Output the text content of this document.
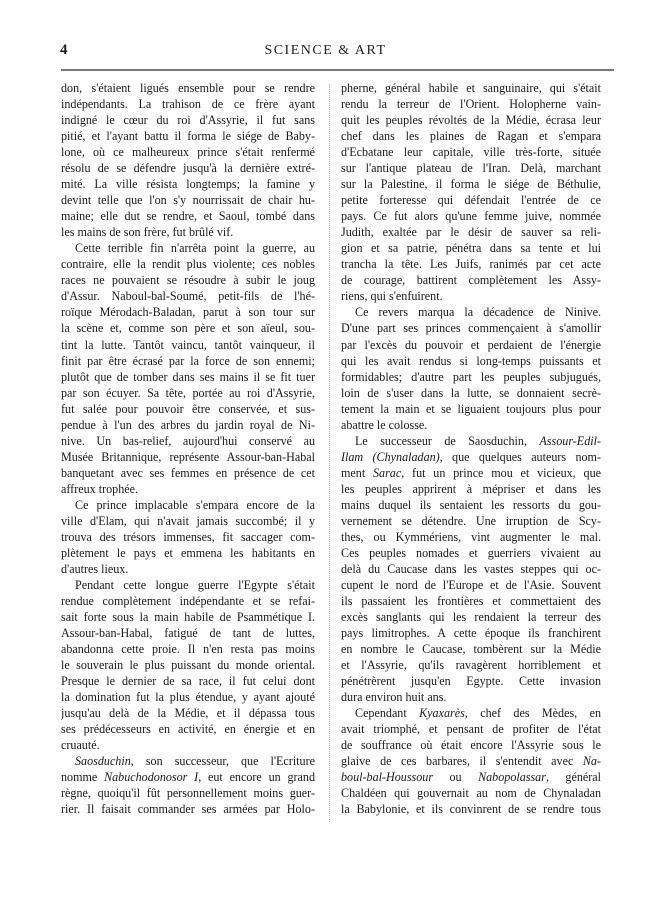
4	SCIENCE & ART
don, s'étaient ligués ensemble pour se rendre
indépendants. La trahison de ce frère ayant
indigné le cœur du roi d'Assyrie, il fut sans
pitié, et l'ayant battu il forma le siége de Baby-
lone, où ce malheureux prince s'était renfermé
résolu de se défendre jusqu'à la dernière extré-
mité. La ville résista longtemps; la famine y
devint telle que l'on s'y nourrissait de chair hu-
maine; elle dut se rendre, et Saoul, tombé dans
les mains de son frère, fut brûlé vif.
Cette terrible fin n'arrêta point la guerre, au
contraire, elle la rendit plus violente; ces nobles
races ne pouvaient se résoudre à subir le joug
d'Assur. Naboul-bal-Soumé, petit-fils de l'hé-
roïque Mérodach-Baladan, parut à son tour sur
la scène et, comme son père et son aïeul, sou-
tint la lutte. Tantôt vaincu, tantôt vainqueur, il
finit par être écrasé par la force de son ennemi;
plutôt que de tomber dans ses mains il se fit tuer
par son écuyer. Sa tête, portée au roi d'Assyrie,
fut salée pour pouvoir être conservée, et sus-
pendue à l'un des arbres du jardin royal de Ni-
nive. Un bas-relief, aujourd'hui conservé au
Musée Britannique, représente Assour-ban-Habal
banquetant avec ses femmes en présence de cet
affreux trophée.
Ce prince implacable s'empara encore de la
ville d'Elam, qui n'avait jamais succombé; il y
trouva des trésors immenses, fit saccager com-
plètement le pays et emmena les habitants en
d'autres lieux.
Pendant cette longue guerre l'Egypte s'était
rendue complètement indépendante et se refai-
sait forte sous la main habile de Psammétique I.
Assour-ban-Habal, fatigué de tant de luttes,
abandonna cette proie. Il n'en resta pas moins
le souverain le plus puissant du monde oriental.
Presque le dernier de sa race, il fut celui dont
la domination fut la plus étendue, y ayant ajouté
jusqu'au delà de la Médie, et il dépassa tous
ses prédécesseurs en activité, en énergie et en
cruauté.
Saosduchin, son successeur, que l'Ecriture
nomme Nabuchodonosor I, eut encore un grand
règne, quoiqu'il fût personnellement moins guer-
rier. Il faisait commander ses armées par Holo-
pherne, général habile et sanguinaire, qui s'était
rendu la terreur de l'Orient. Holopherne vain-
quit les peuples révoltés de la Médie, écrasa leur
chef dans les plaines de Ragan et s'empara
d'Ecbatane leur capitale, ville très-forte, située
sur l'antique plateau de l'Iran. Delà, marchant
sur la Palestine, il forma le siége de Béthulie,
petite forteresse qui défendait l'entrée de ce
pays. Ce fut alors qu'une femme juive, nommée
Judith, exaltée par le désir de sauver sa reli-
gion et sa patrie, pénétra dans sa tente et lui
trancha la tête. Les Juifs, ranimés par cet acte
de courage, battirent complètement les Assy-
riens, qui s'enfuirent.
Ce revers marqua la décadence de Ninive.
D'une part ses princes commençaient à s'amollir
par l'excès du pouvoir et perdaient de l'énergie
qui les avait rendus si long-temps puissants et
formidables; d'autre part les peuples subjugués,
loin de s'user dans la lutte, se donnaient secrè-
tement la main et se liguaient toujours plus pour
abattre le colosse.
Le successeur de Saosduchin, Assour-Edil-
Ilam (Chynaladan), que quelques auteurs nom-
ment Sarac, fut un prince mou et vicieux, que
les peuples apprirent à mépriser et dans les
mains duquel ils sentaient les ressorts du gou-
vernement se détendre. Une irruption de Scy-
thes, ou Kymmériens, vint augmenter le mal.
Ces peuples nomades et guerriers vivaient au
delà du Caucase dans les vastes steppes qui oc-
cupent le nord de l'Europe et de l'Asie. Souvent
ils passaient les frontières et commettaient des
excès sanglants qui les rendaient la terreur des
pays limitrophes. A cette époque ils franchirent
en nombre le Caucase, tombèrent sur la Médie
et l'Assyrie, qu'ils ravagèrent horriblement et
pénétrèrent jusqu'en Egypte. Cette invasion
dura environ huit ans.
Cependant Kyaxarès, chef des Mèdes, en
avait triomphé, et pensant de profiter de l'état
de souffrance où était encore l'Assyrie sous le
glaive de ces barbares, il s'entendit avec Na-
boul-bal-Houssour ou Nabopolassar, général
Chaldéen qui gouvernait au nom de Chynaladan
la Babylonie, et ils convinrent de se rendre tous
